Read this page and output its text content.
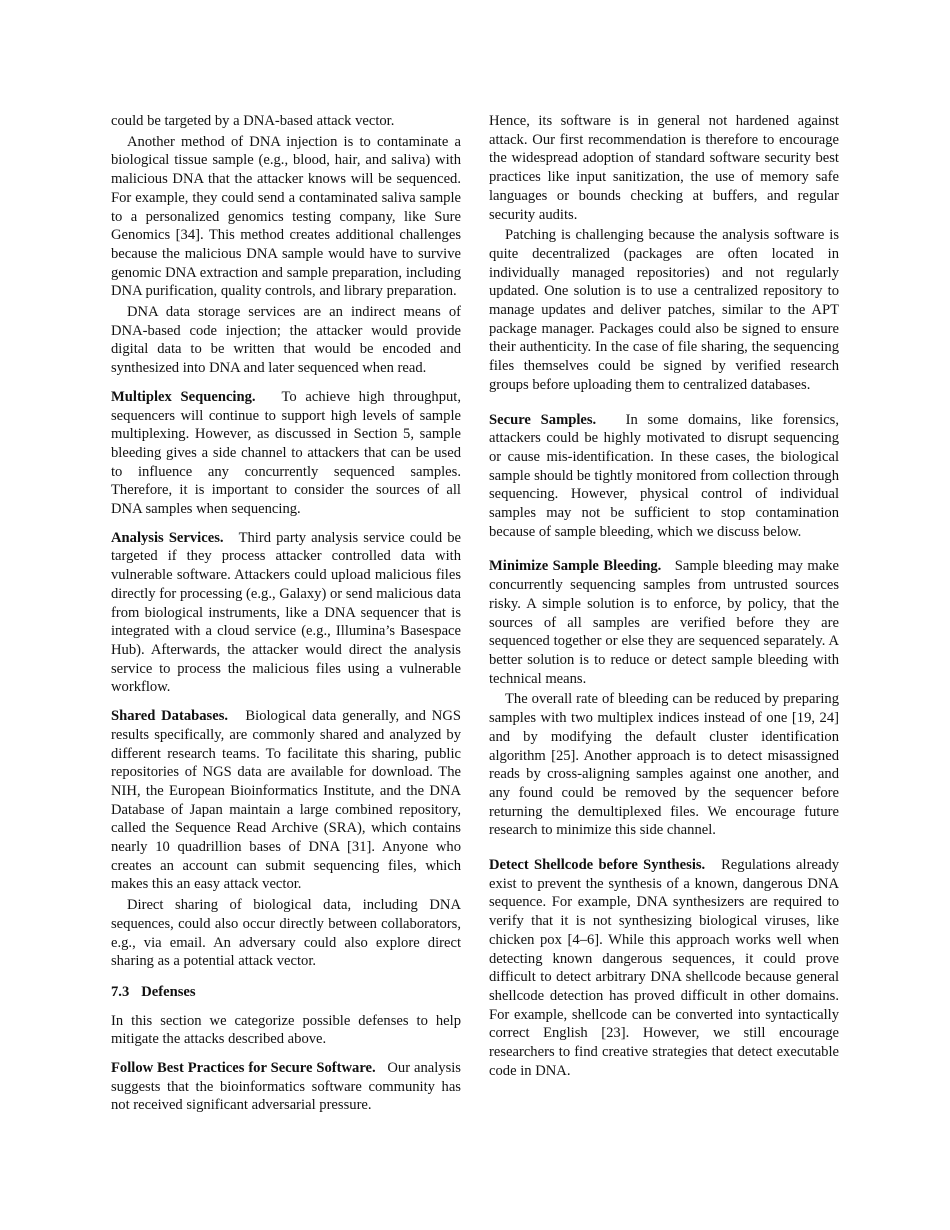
could be targeted by a DNA-based attack vector.

Another method of DNA injection is to contaminate a biological tissue sample (e.g., blood, hair, and saliva) with malicious DNA that the attacker knows will be sequenced. For example, they could send a contaminated saliva sample to a personalized genomics testing company, like Sure Genomics [34]. This method creates additional challenges because the malicious DNA sample would have to survive genomic DNA extraction and sample preparation, including DNA purification, quality controls, and library preparation.

DNA data storage services are an indirect means of DNA-based code injection; the attacker would provide digital data to be written that would be encoded and synthesized into DNA and later sequenced when read.

Multiplex Sequencing. To achieve high throughput, sequencers will continue to support high levels of sample multiplexing. However, as discussed in Section 5, sample bleeding gives a side channel to attackers that can be used to influence any concurrently sequenced samples. Therefore, it is important to consider the sources of all DNA samples when sequencing.

Analysis Services. Third party analysis service could be targeted if they process attacker controlled data with vulnerable software. Attackers could upload malicious files directly for processing (e.g., Galaxy) or send malicious data from biological instruments, like a DNA sequencer that is integrated with a cloud service (e.g., Illumina’s Basespace Hub). Afterwards, the attacker would direct the analysis service to process the malicious files using a vulnerable workflow.

Shared Databases. Biological data generally, and NGS results specifically, are commonly shared and analyzed by different research teams. To facilitate this sharing, public repositories of NGS data are available for download. The NIH, the European Bioinformatics Institute, and the DNA Database of Japan maintain a large combined repository, called the Sequence Read Archive (SRA), which contains nearly 10 quadrillion bases of DNA [31]. Anyone who creates an account can submit sequencing files, which makes this an easy attack vector.

Direct sharing of biological data, including DNA sequences, could also occur directly between collaborators, e.g., via email. An adversary could also explore direct sharing as a potential attack vector.

7.3 Defenses

In this section we categorize possible defenses to help mitigate the attacks described above.

Follow Best Practices for Secure Software. Our analysis suggests that the bioinformatics software community has not received significant adversarial pressure.

Hence, its software is in general not hardened against attack. Our first recommendation is therefore to encourage the widespread adoption of standard software security best practices like input sanitization, the use of memory safe languages or bounds checking at buffers, and regular security audits.

Patching is challenging because the analysis software is quite decentralized (packages are often located in individually managed repositories) and not regularly updated. One solution is to use a centralized repository to manage updates and deliver patches, similar to the APT package manager. Packages could also be signed to ensure their authenticity. In the case of file sharing, the sequencing files themselves could be signed by verified research groups before uploading them to centralized databases.

Secure Samples. In some domains, like forensics, attackers could be highly motivated to disrupt sequencing or cause mis-identification. In these cases, the biological sample should be tightly monitored from collection through sequencing. However, physical control of individual samples may not be sufficient to stop contamination because of sample bleeding, which we discuss below.

Minimize Sample Bleeding. Sample bleeding may make concurrently sequencing samples from untrusted sources risky. A simple solution is to enforce, by policy, that the sources of all samples are verified before they are sequenced together or else they are sequenced separately. A better solution is to reduce or detect sample bleeding with technical means.

The overall rate of bleeding can be reduced by preparing samples with two multiplex indices instead of one [19, 24] and by modifying the default cluster identification algorithm [25]. Another approach is to detect misassigned reads by cross-aligning samples against one another, and any found could be removed by the sequencer before returning the demultiplexed files. We encourage future research to minimize this side channel.

Detect Shellcode before Synthesis. Regulations already exist to prevent the synthesis of a known, dangerous DNA sequence. For example, DNA synthesizers are required to verify that it is not synthesizing biological viruses, like chicken pox [4–6]. While this approach works well when detecting known dangerous sequences, it could prove difficult to detect arbitrary DNA shellcode because general shellcode detection has proved difficult in other domains. For example, shellcode can be converted into syntactically correct English [23]. However, we still encourage researchers to find creative strategies that detect executable code in DNA.
